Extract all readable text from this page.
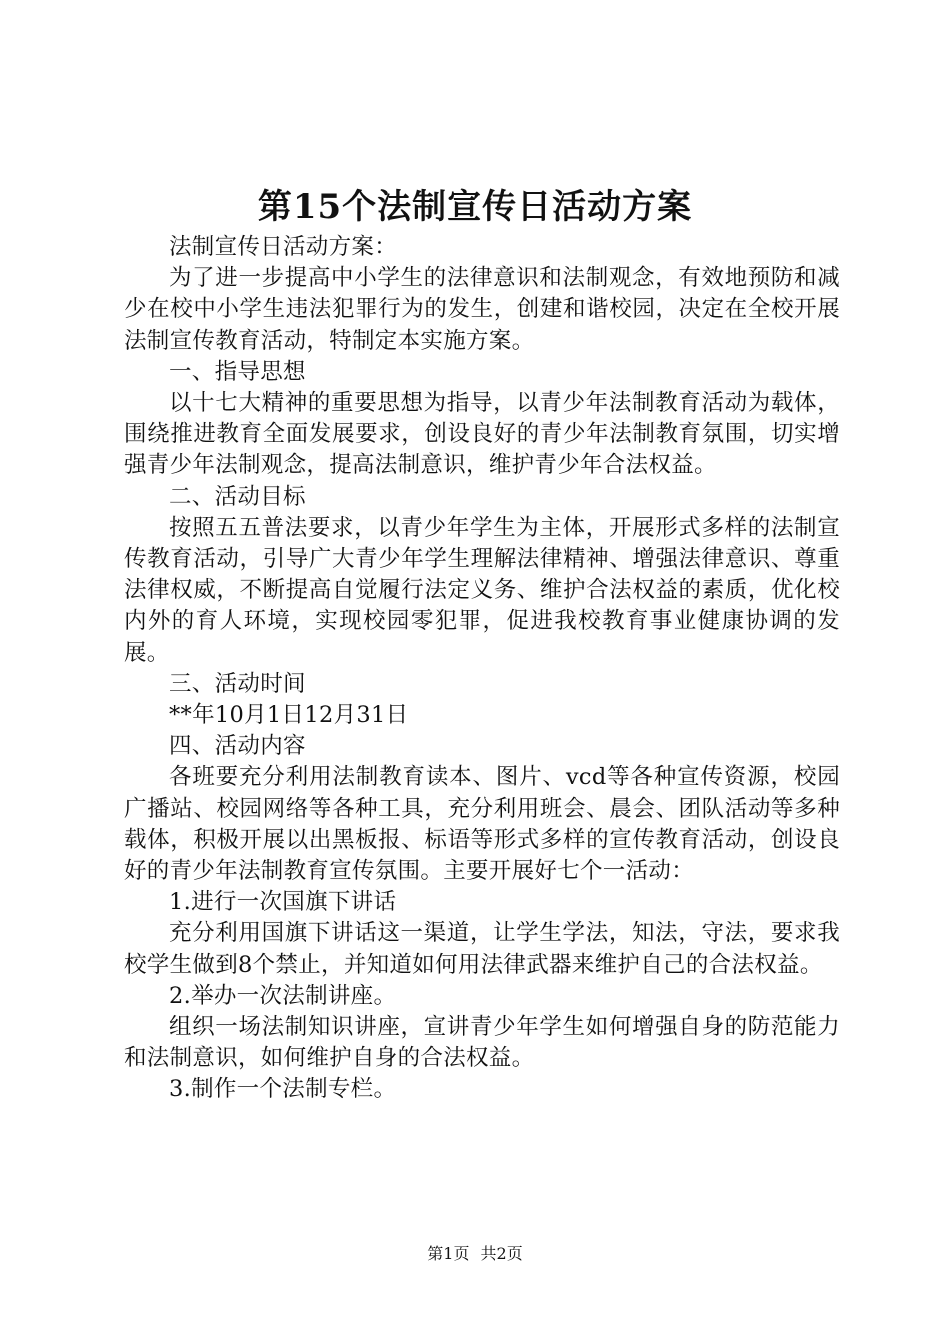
第15个法制宣传日活动方案

法制宣传日活动方案：

为了进一步提高中小学生的法律意识和法制观念，有效地预防和减少在校中小学生违法犯罪行为的发生，创建和谐校园，决定在全校开展法制宣传教育活动，特制定本实施方案。

一、指导思想

以十七大精神的重要思想为指导，以青少年法制教育活动为载体，围绕推进教育全面发展要求，创设良好的青少年法制教育氛围，切实增强青少年法制观念，提高法制意识，维护青少年合法权益。

二、活动目标

按照五五普法要求，以青少年学生为主体，开展形式多样的法制宣传教育活动，引导广大青少年学生理解法律精神、增强法律意识、尊重法律权威，不断提高自觉履行法定义务、维护合法权益的素质，优化校内外的育人环境，实现校园零犯罪，促进我校教育事业健康协调的发展。

三、活动时间

**年10月1日12月31日

四、活动内容

各班要充分利用法制教育读本、图片、vcd等各种宣传资源，校园广播站、校园网络等各种工具，充分利用班会、晨会、团队活动等多种载体，积极开展以出黑板报、标语等形式多样的宣传教育活动，创设良好的青少年法制教育宣传氛围。主要开展好七个一活动：

1.进行一次国旗下讲话

充分利用国旗下讲话这一渠道，让学生学法，知法，守法，要求我校学生做到8个禁止，并知道如何用法律武器来维护自己的合法权益。

2.举办一次法制讲座。

组织一场法制知识讲座，宣讲青少年学生如何增强自身的防范能力和法制意识，如何维护自身的合法权益。

3.制作一个法制专栏。

第1页 共2页
